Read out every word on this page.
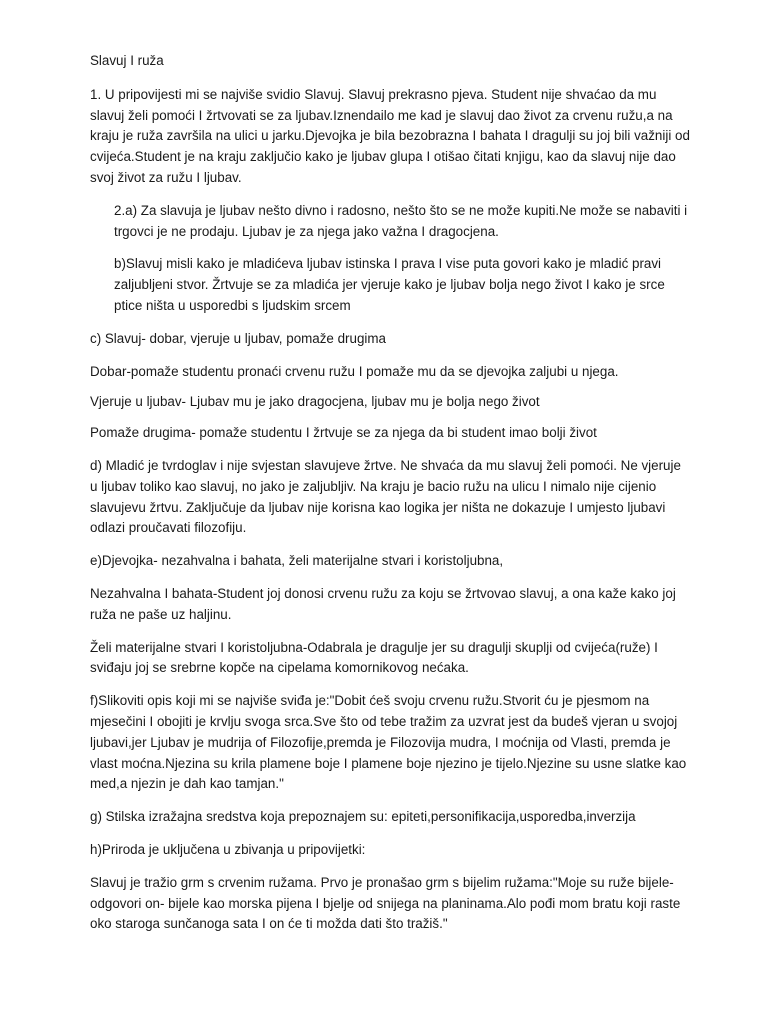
Slavuj I ruža

1. U pripovijesti mi se najviše svidio Slavuj. Slavuj prekrasno pjeva. Student nije shvaćao da mu slavuj želi pomoći I žrtvovati se za ljubav.Iznendailo me kad je slavuj dao život za crvenu ružu,a na kraju je ruža završila na ulici u jarku.Djevojka je bila bezobrazna I bahata I dragulji su joj bili važniji od cvijeća.Student je na kraju zaključio kako je ljubav glupa I otišao čitati knjigu, kao da slavuj nije dao svoj život za ružu I ljubav.

2.a) Za slavuja je ljubav nešto divno i radosno, nešto što se ne može kupiti.Ne može se nabaviti i trgovci je ne prodaju. Ljubav je za njega jako važna I dragocjena.

b)Slavuj misli kako je mladićeva ljubav istinska I prava I vise puta govori kako je mladić pravi zaljubljeni stvor. Žrtvuje se za mladića jer vjeruje kako je ljubav bolja nego život I kako je srce ptice ništa u usporedbi s ljudskim srcem

c) Slavuj- dobar, vjeruje u ljubav, pomaže drugima

Dobar-pomaže studentu pronaći crvenu ružu I pomaže mu da se djevojka zaljubi u njega.

Vjeruje u ljubav- Ljubav mu je jako dragocjena, ljubav mu je bolja nego život

Pomaže drugima- pomaže studentu I žrtvuje se za njega da bi student imao bolji život

d) Mladić je tvrdoglav i nije svjestan slavujeve žrtve. Ne shvaća da mu slavuj želi pomoći. Ne vjeruje u ljubav toliko kao slavuj, no jako je zaljubljiv. Na kraju je bacio ružu na ulicu I nimalo nije cijenio slavujevu žrtvu. Zaključuje da ljubav nije korisna kao logika jer ništa ne dokazuje I umjesto ljubavi odlazi proučavati filozofiju.

e)Djevojka- nezahvalna i bahata, želi materijalne stvari i koristoljubna,

Nezahvalna I bahata-Student joj donosi crvenu ružu za koju se žrtvovao slavuj, a ona kaže kako joj ruža ne paše uz haljinu.

Želi materijalne stvari I koristoljubna-Odabrala je dragulje jer su dragulji skuplji od cvijeća(ruže) I sviđaju joj se srebrne kopče na cipelama komornikovog nećaka.

f)Slikoviti opis koji mi se najviše sviđa je:"Dobit ćeš svoju crvenu ružu.Stvorit ću je pjesmom na mjesečini I obojiti je krvlju svoga srca.Sve što od tebe tražim za uzvrat jest da budeš vjeran u svojoj ljubavi,jer Ljubav je mudrija of Filozofije,premda je Filozovija mudra, I moćnija od Vlasti, premda je vlast moćna.Njezina su krila plamene boje I plamene boje njezino je tijelo.Njezine su usne slatke kao med,a njezin je dah kao tamjan."

g) Stilska izražajna sredstva koja prepoznajem su: epiteti,personifikacija,usporedba,inverzija

h)Priroda je uključena u zbivanja u pripovijetki:

Slavuj je tražio grm s crvenim ružama. Prvo je pronašao grm s bijelim ružama:"Moje su ruže bijele- odgovori on- bijele kao morska pijena I bjelje od snijega na planinama.Alo pođi mom bratu koji raste oko staroga sunčanoga sata I on će ti možda dati što tražiš."
